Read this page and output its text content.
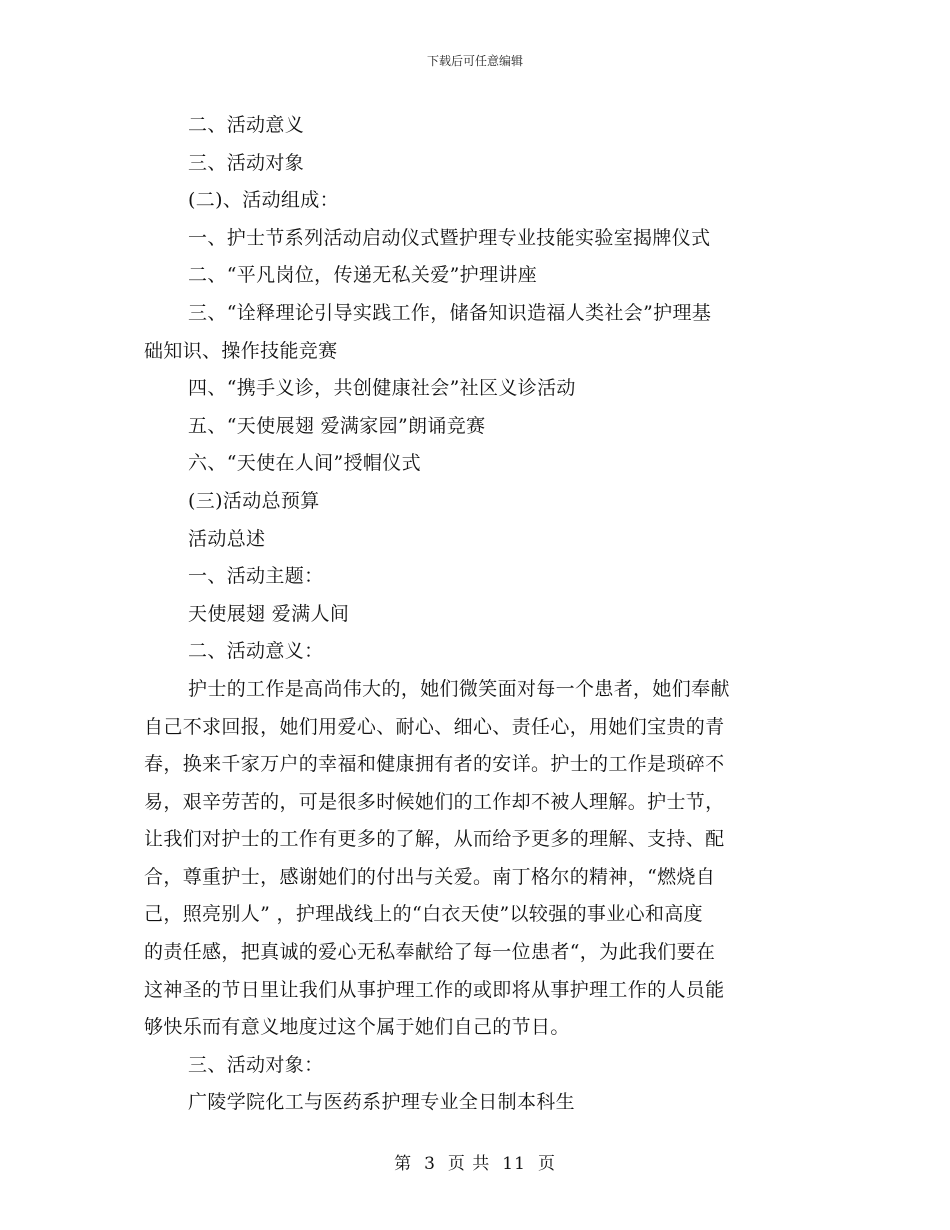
下载后可任意编辑
二、活动意义
三、活动对象
(二)、活动组成：
一、护士节系列活动启动仪式暨护理专业技能实验室揭牌仪式
二、“平凡岗位，传递无私关爱”护理讲座
三、“诠释理论引导实践工作，储备知识造福人类社会”护理基
础知识、操作技能竞赛
四、“携手义诊，共创健康社会”社区义诊活动
五、“天使展翅 爱满家园”朗诵竞赛
六、“天使在人间”授帽仪式
(三)活动总预算
活动总述
一、活动主题：
天使展翅 爱满人间
二、活动意义：
护士的工作是高尚伟大的，她们微笑面对每一个患者，她们奉献
自己不求回报，她们用爱心、耐心、细心、责任心，用她们宝贵的青
春，换来千家万户的幸福和健康拥有者的安详。护士的工作是琐碎不
易，艰辛劳苦的，可是很多时候她们的工作却不被人理解。护士节，
让我们对护士的工作有更多的了解，从而给予更多的理解、支持、配
合，尊重护士，感谢她们的付出与关爱。南丁格尔的精神，“燃烧自
己，照亮别人” ，护理战线上的“白衣天使”以较强的事业心和高度
的责任感，把真诚的爱心无私奉献给了每一位患者“，为此我们要在
这神圣的节日里让我们从事护理工作的或即将从事护理工作的人员能
够快乐而有意义地度过这个属于她们自己的节日。
三、活动对象：
广陵学院化工与医药系护理专业全日制本科生
第 3 页 共 11 页
